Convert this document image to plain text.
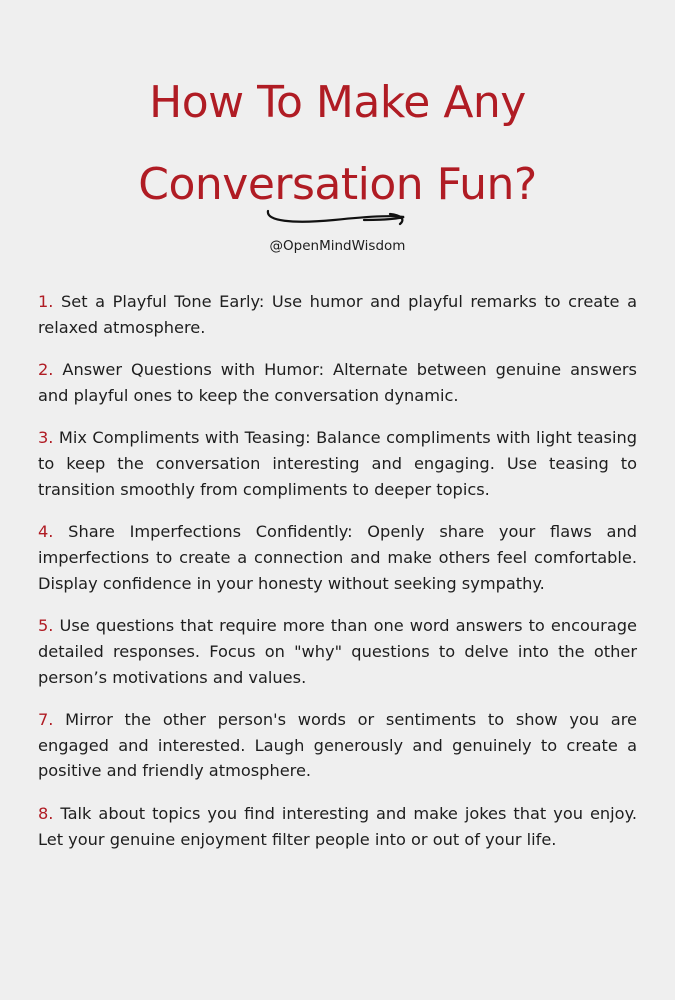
How To Make Any
Conversation Fun?
@OpenMindWisdom
1. Set a Playful Tone Early: Use humor and playful remarks to create a relaxed atmosphere.
2. Answer Questions with Humor: Alternate between genuine answers and playful ones to keep the conversation dynamic.
3. Mix Compliments with Teasing: Balance compliments with light teasing to keep the conversation interesting and engaging. Use teasing to transition smoothly from compliments to deeper topics.
4. Share Imperfections Confidently: Openly share your flaws and imperfections to create a connection and make others feel comfortable. Display confidence in your honesty without seeking sympathy.
5. Use questions that require more than one word answers to encourage detailed responses. Focus on "why" questions to delve into the other person’s motivations and values.
7. Mirror the other person's words or sentiments to show you are engaged and interested. Laugh generously and genuinely to create a positive and friendly atmosphere.
8. Talk about topics you find interesting and make jokes that you enjoy. Let your genuine enjoyment filter people into or out of your life.
